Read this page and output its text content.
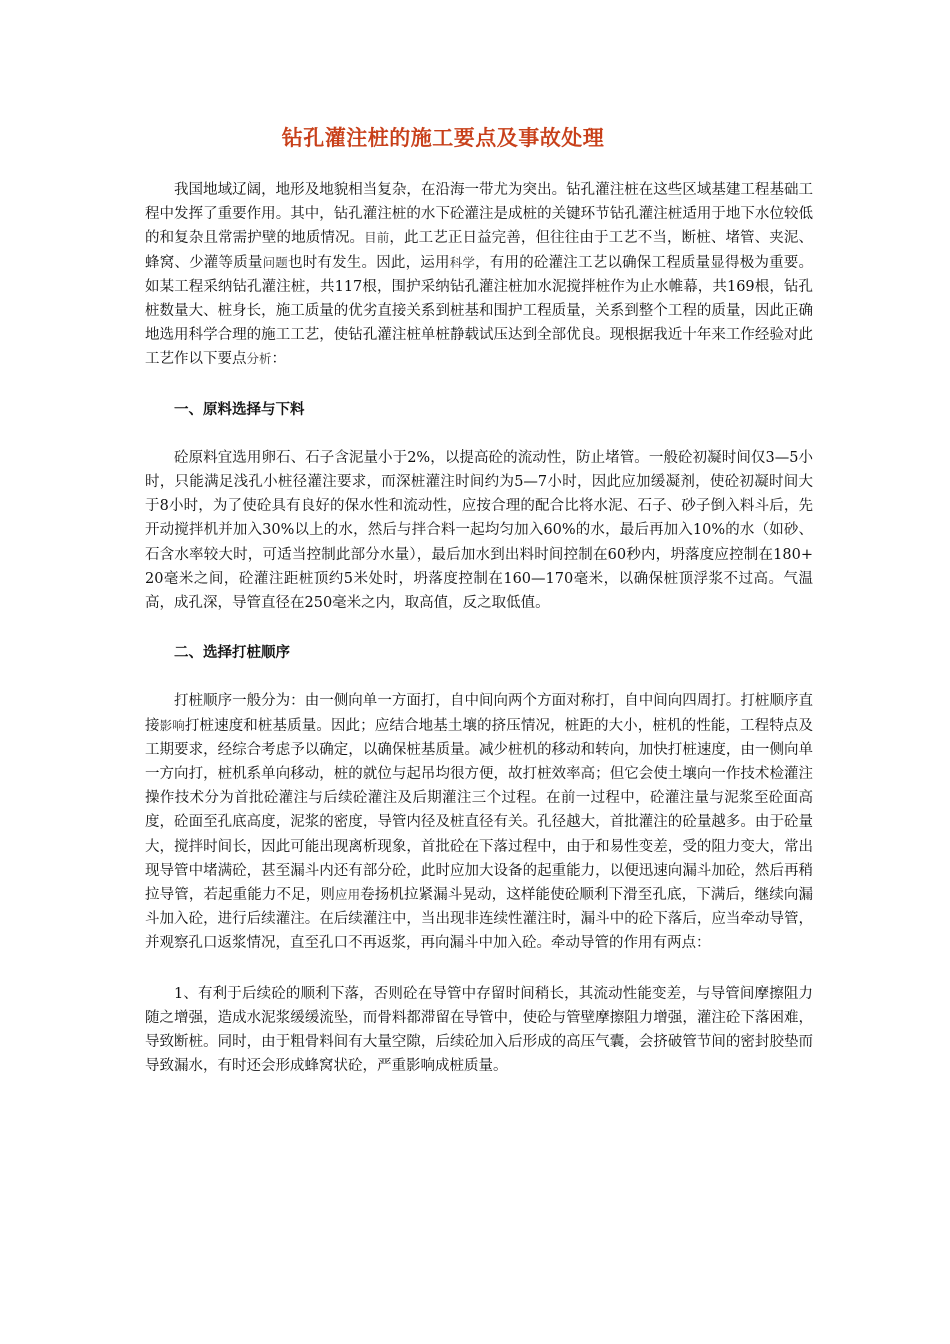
钻孔灌注桩的施工要点及事故处理

我国地域辽阔，地形及地貌相当复杂，在沿海一带尤为突出。钻孔灌注桩在这些区域基建工程基础工程中发挥了重要作用。其中，钻孔灌注桩的水下砼灌注是成桩的关键环节钻孔灌注桩适用于地下水位较低的和复杂且常需护壁的地质情况。目前，此工艺正日益完善，但往往由于工艺不当，断桩、堵管、夹泥、蜂窝、少灌等质量问题也时有发生。因此，运用科学，有用的砼灌注工艺以确保工程质量显得极为重要。如某工程采纳钻孔灌注桩，共117根，围护采纳钻孔灌注桩加水泥搅拌桩作为止水帷幕，共169根，钻孔桩数量大、桩身长，施工质量的优劣直接关系到桩基和围护工程质量，关系到整个工程的质量，因此正确地选用科学合理的施工工艺，使钻孔灌注桩单桩静载试压达到全部优良。现根据我近十年来工作经验对此工艺作以下要点分析：

一、原料选择与下料

砼原料宜选用卵石、石子含泥量小于2%，以提高砼的流动性，防止堵管。一般砼初凝时间仅3—5小时，只能满足浅孔小桩径灌注要求，而深桩灌注时间约为5—7小时，因此应加缓凝剂，使砼初凝时间大于8小时，为了使砼具有良好的保水性和流动性，应按合理的配合比将水泥、石子、砂子倒入料斗后，先开动搅拌机并加入30%以上的水，然后与拌合料一起均匀加入60%的水，最后再加入10%的水（如砂、石含水率较大时，可适当控制此部分水量），最后加水到出料时间控制在60秒内，坍落度应控制在180+20毫米之间，砼灌注距桩顶约5米处时，坍落度控制在160—170毫米，以确保桩顶浮浆不过高。气温高，成孔深，导管直径在250毫米之内，取高值，反之取低值。

二、选择打桩顺序

打桩顺序一般分为：由一侧向单一方面打，自中间向两个方面对称打，自中间向四周打。打桩顺序直接影响打桩速度和桩基质量。因此；应结合地基土壤的挤压情况，桩距的大小，桩机的性能，工程特点及工期要求，经综合考虑予以确定，以确保桩基质量。减少桩机的移动和转向，加快打桩速度，由一侧向单一方向打，桩机系单向移动，桩的就位与起吊均很方便，故打桩效率高；但它会使土壤向一作技术检灌注操作技术分为首批砼灌注与后续砼灌注及后期灌注三个过程。在前一过程中，砼灌注量与泥浆至砼面高度，砼面至孔底高度，泥浆的密度，导管内径及桩直径有关。孔径越大，首批灌注的砼量越多。由于砼量大，搅拌时间长，因此可能出现离析现象，首批砼在下落过程中，由于和易性变差，受的阻力变大，常出现导管中堵满砼，甚至漏斗内还有部分砼，此时应加大设备的起重能力，以便迅速向漏斗加砼，然后再稍拉导管，若起重能力不足，则应用卷扬机拉紧漏斗晃动，这样能使砼顺利下滑至孔底，下满后，继续向漏斗加入砼，进行后续灌注。在后续灌注中，当出现非连续性灌注时，漏斗中的砼下落后，应当牵动导管，并观察孔口返浆情况，直至孔口不再返浆，再向漏斗中加入砼。牵动导管的作用有两点：

1、有利于后续砼的顺利下落，否则砼在导管中存留时间稍长，其流动性能变差，与导管间摩擦阻力随之增强，造成水泥浆缓缓流坠，而骨料都滞留在导管中，使砼与管壁摩擦阻力增强，灌注砼下落困难，导致断桩。同时，由于粗骨料间有大量空隙，后续砼加入后形成的高压气囊，会挤破管节间的密封胶垫而导致漏水，有时还会形成蜂窝状砼，严重影响成桩质量。
